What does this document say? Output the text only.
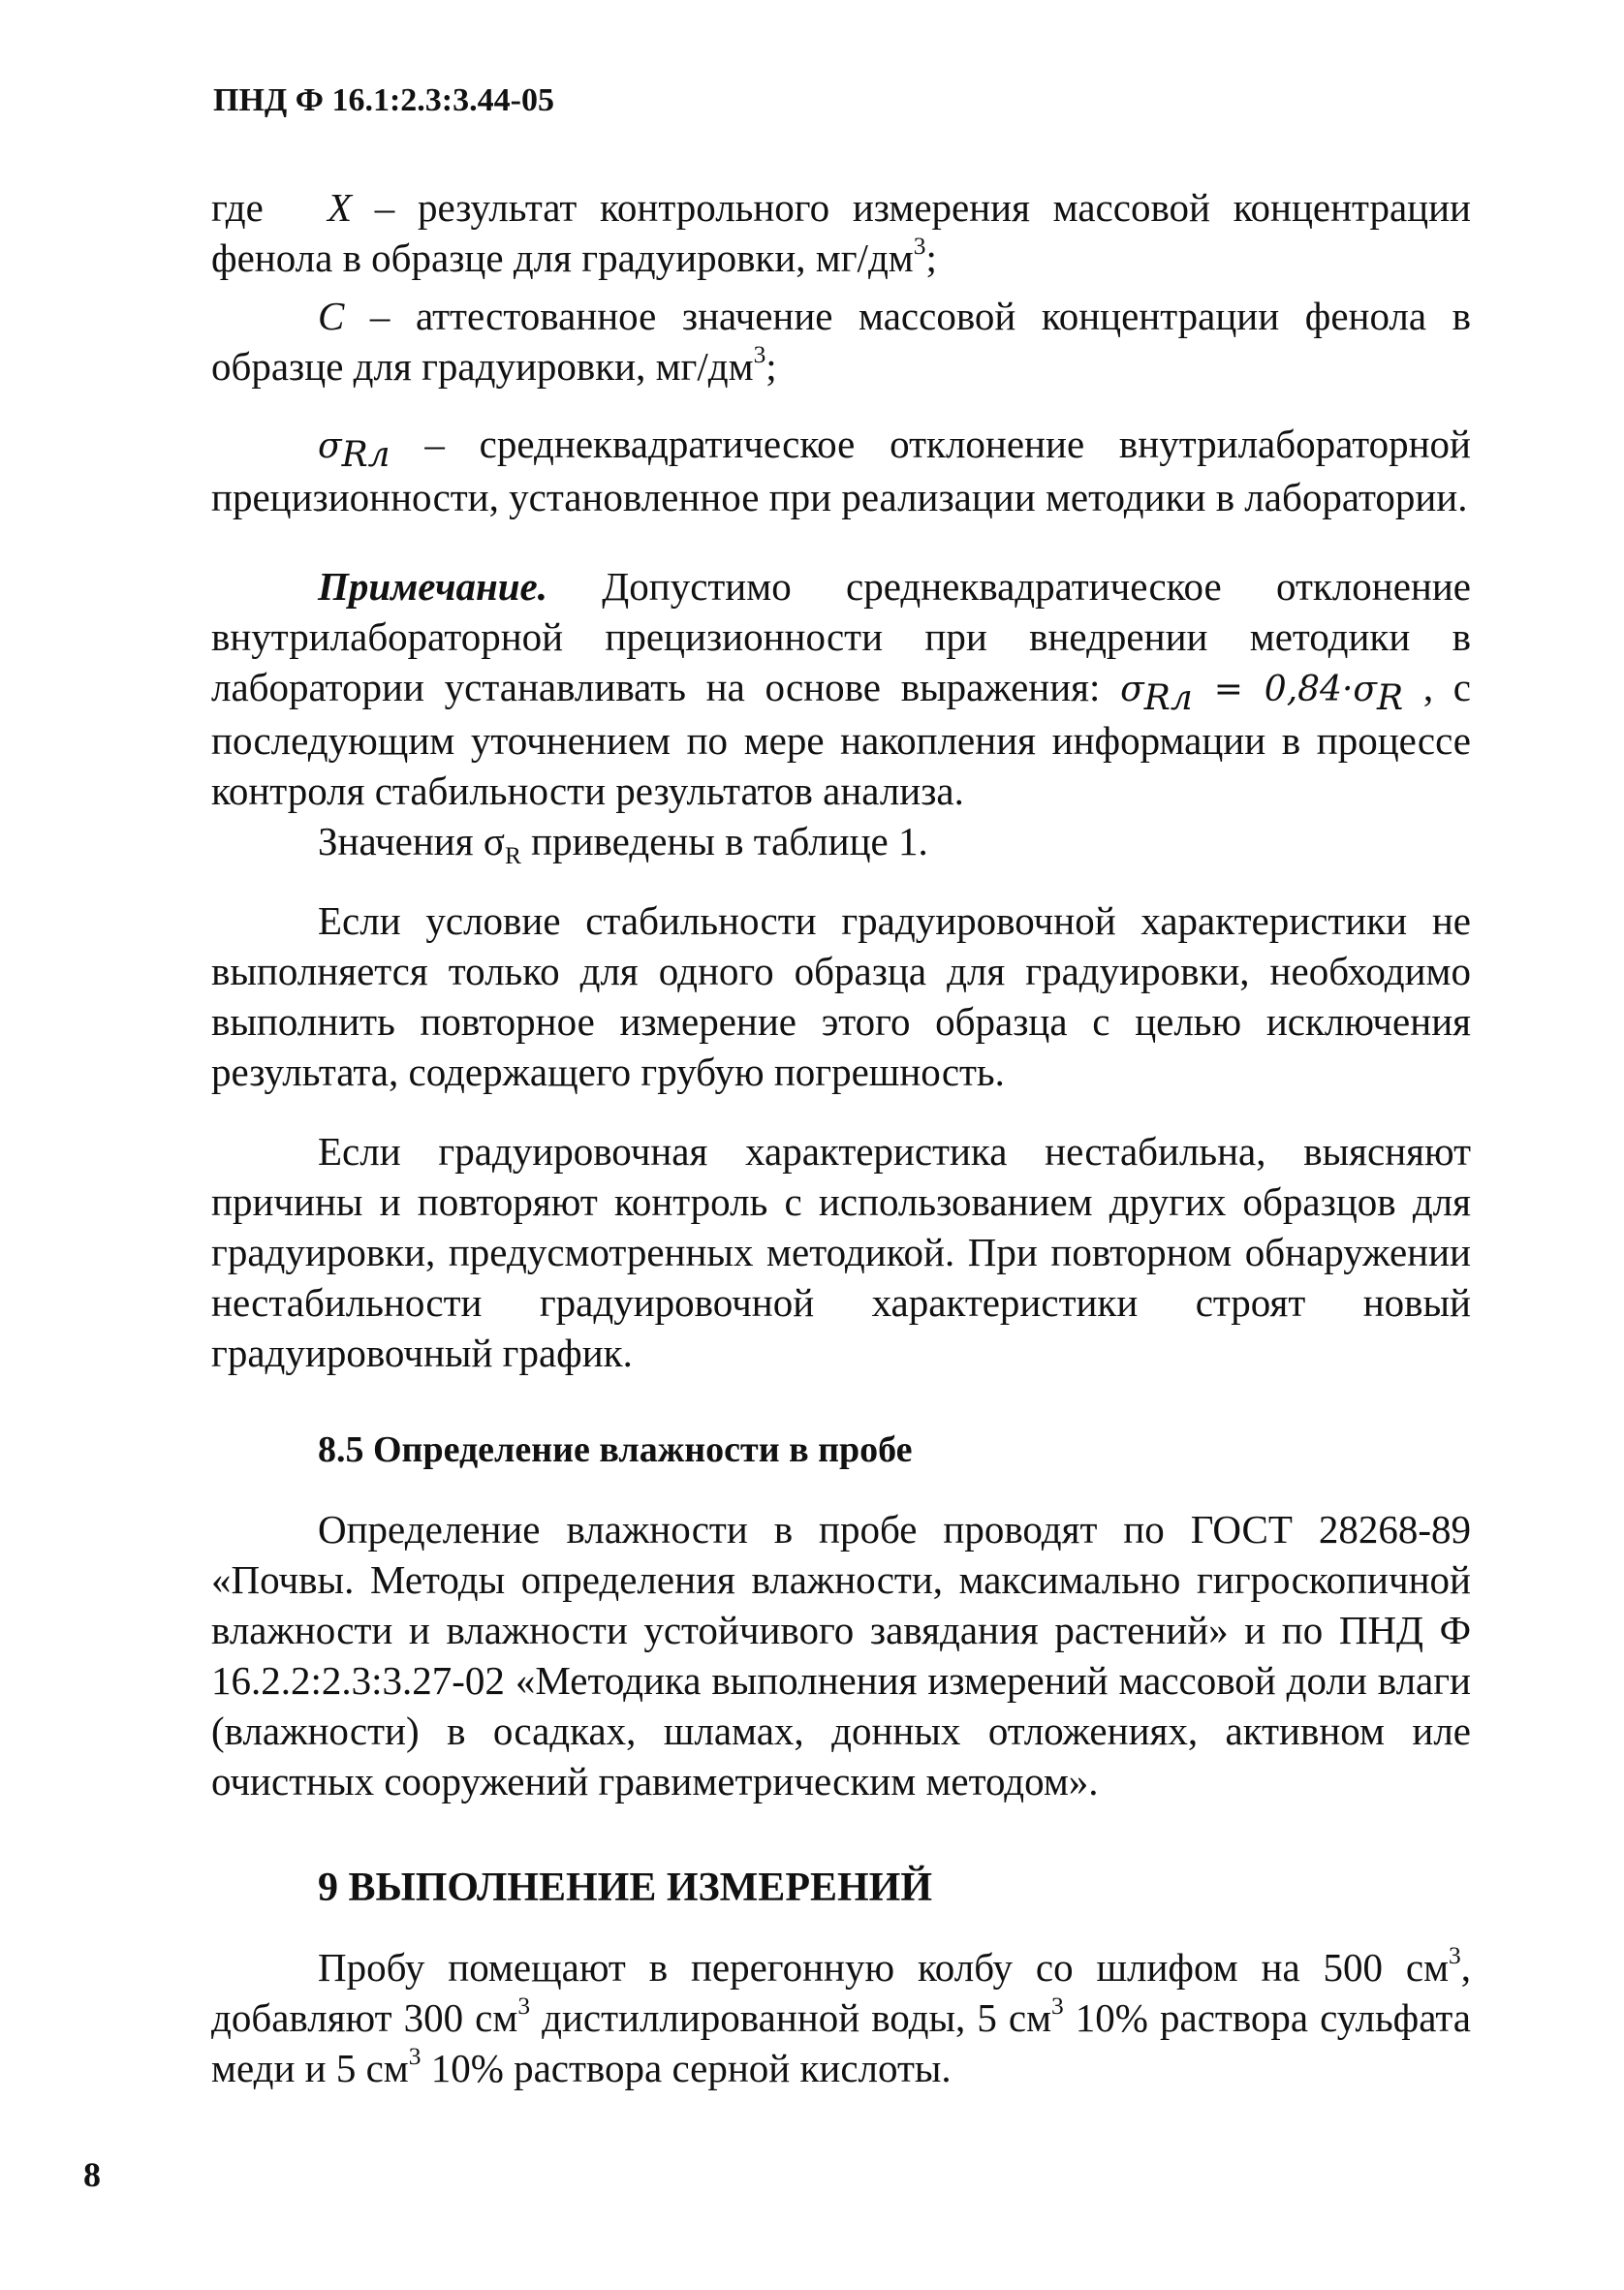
ПНД Ф 16.1:2.3:3.44-05

где X – результат контрольного измерения массовой концентрации фенола в образце для градуировки, $мг/дм^3$;

C – аттестованное значение массовой концентрации фенола в образце для градуировки, $мг/дм^3$;

$\sigma_{Rл}$ – среднеквадратическое отклонение внутрилабораторной прецизионности, установленное при реализации методики в лаборатории.

Примечание. Допустимо среднеквадратическое отклонение внутрилабораторной прецизионности при внедрении методики в лаборатории устанавливать на основе выражения: $\sigma_{Rл} = 0,84\cdot\sigma_R$ , с последующим уточнением по мере накопления информации в процессе контроля стабильности результатов анализа.

Значения $\sigma_R$ приведены в таблице 1.

Если условие стабильности градуировочной характеристики не выполняется только для одного образца для градуировки, необходимо выполнить повторное измерение этого образца с целью исключения результата, содержащего грубую погрешность.

Если градуировочная характеристика нестабильна, выясняют причины и повторяют контроль с использованием других образцов для градуировки, предусмотренных методикой. При повторном обнаружении нестабильности градуировочной характеристики строят новый градуировочный график.

8.5 Определение влажности в пробе

Определение влажности в пробе проводят по ГОСТ 28268-89 «Почвы. Методы определения влажности, максимально гигроскопичной влажности и влажности устойчивого завядания растений» и по ПНД Ф 16.2.2:2.3:3.27-02 «Методика выполнения измерений массовой доли влаги (влажности) в осадках, шламах, донных отложениях, активном иле очистных сооружений гравиметрическим методом».

9 ВЫПОЛНЕНИЕ ИЗМЕРЕНИЙ

Пробу помещают в перегонную колбу со шлифом на 500 $см^3$, добавляют 300 $см^3$ дистиллированной воды, 5 $см^3$ 10% раствора сульфата меди и 5 $см^3$ 10% раствора серной кислоты.

8
